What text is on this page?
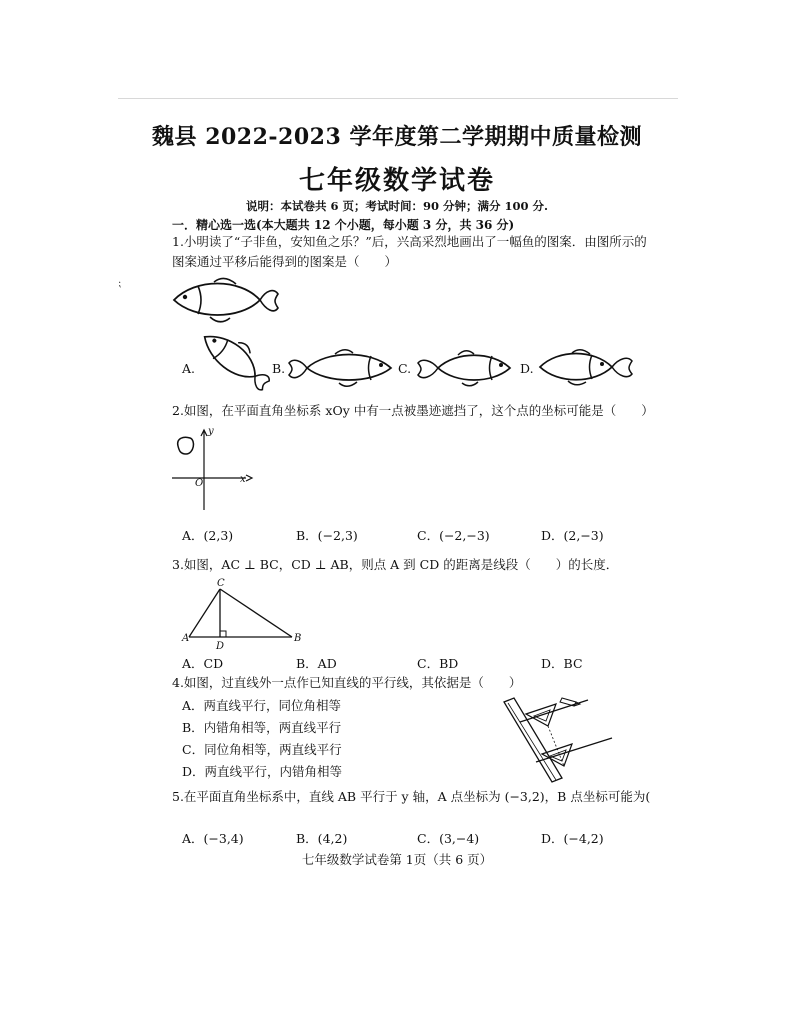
⁏
魏县 2022-2023 学年度第二学期期中质量检测
七年级数学试卷
说明：本试卷共 6 页；考试时间：90 分钟；满分 100 分.
一．精心选一选(本大题共 12 个小题，每小题 3 分，共 36 分)
1.小明读了“子非鱼，安知鱼之乐？”后，兴高采烈地画出了一幅鱼的图案．由图所示的
图案通过平移后能得到的图案是（　　）
A.	B.	C.	D.
2.如图，在平面直角坐标系 xOy 中有一点被墨迹遮挡了，这个点的坐标可能是（　　）
x
y
O
A．(2,3)	B．(−2,3)	C．(−2,−3)	D．(2,−3)
3.如图，AC ⊥ BC，CD ⊥ AB，则点 A 到 CD 的距离是线段（　　）的长度．
C
A	B
D
A．CD	B．AD	C．BD	D．BC
4.如图，过直线外一点作已知直线的平行线，其依据是（　　）
A．两直线平行，同位角相等
B．内错角相等，两直线平行
C．同位角相等，两直线平行
D．两直线平行，内错角相等
5.在平面直角坐标系中，直线 AB 平行于 y 轴，A 点坐标为 (−3,2)，B 点坐标可能为(
A．(−3,4)	B．(4,2)	C．(3,−4)	D．(−4,2)
七年级数学试卷第 1页（共 6 页）
